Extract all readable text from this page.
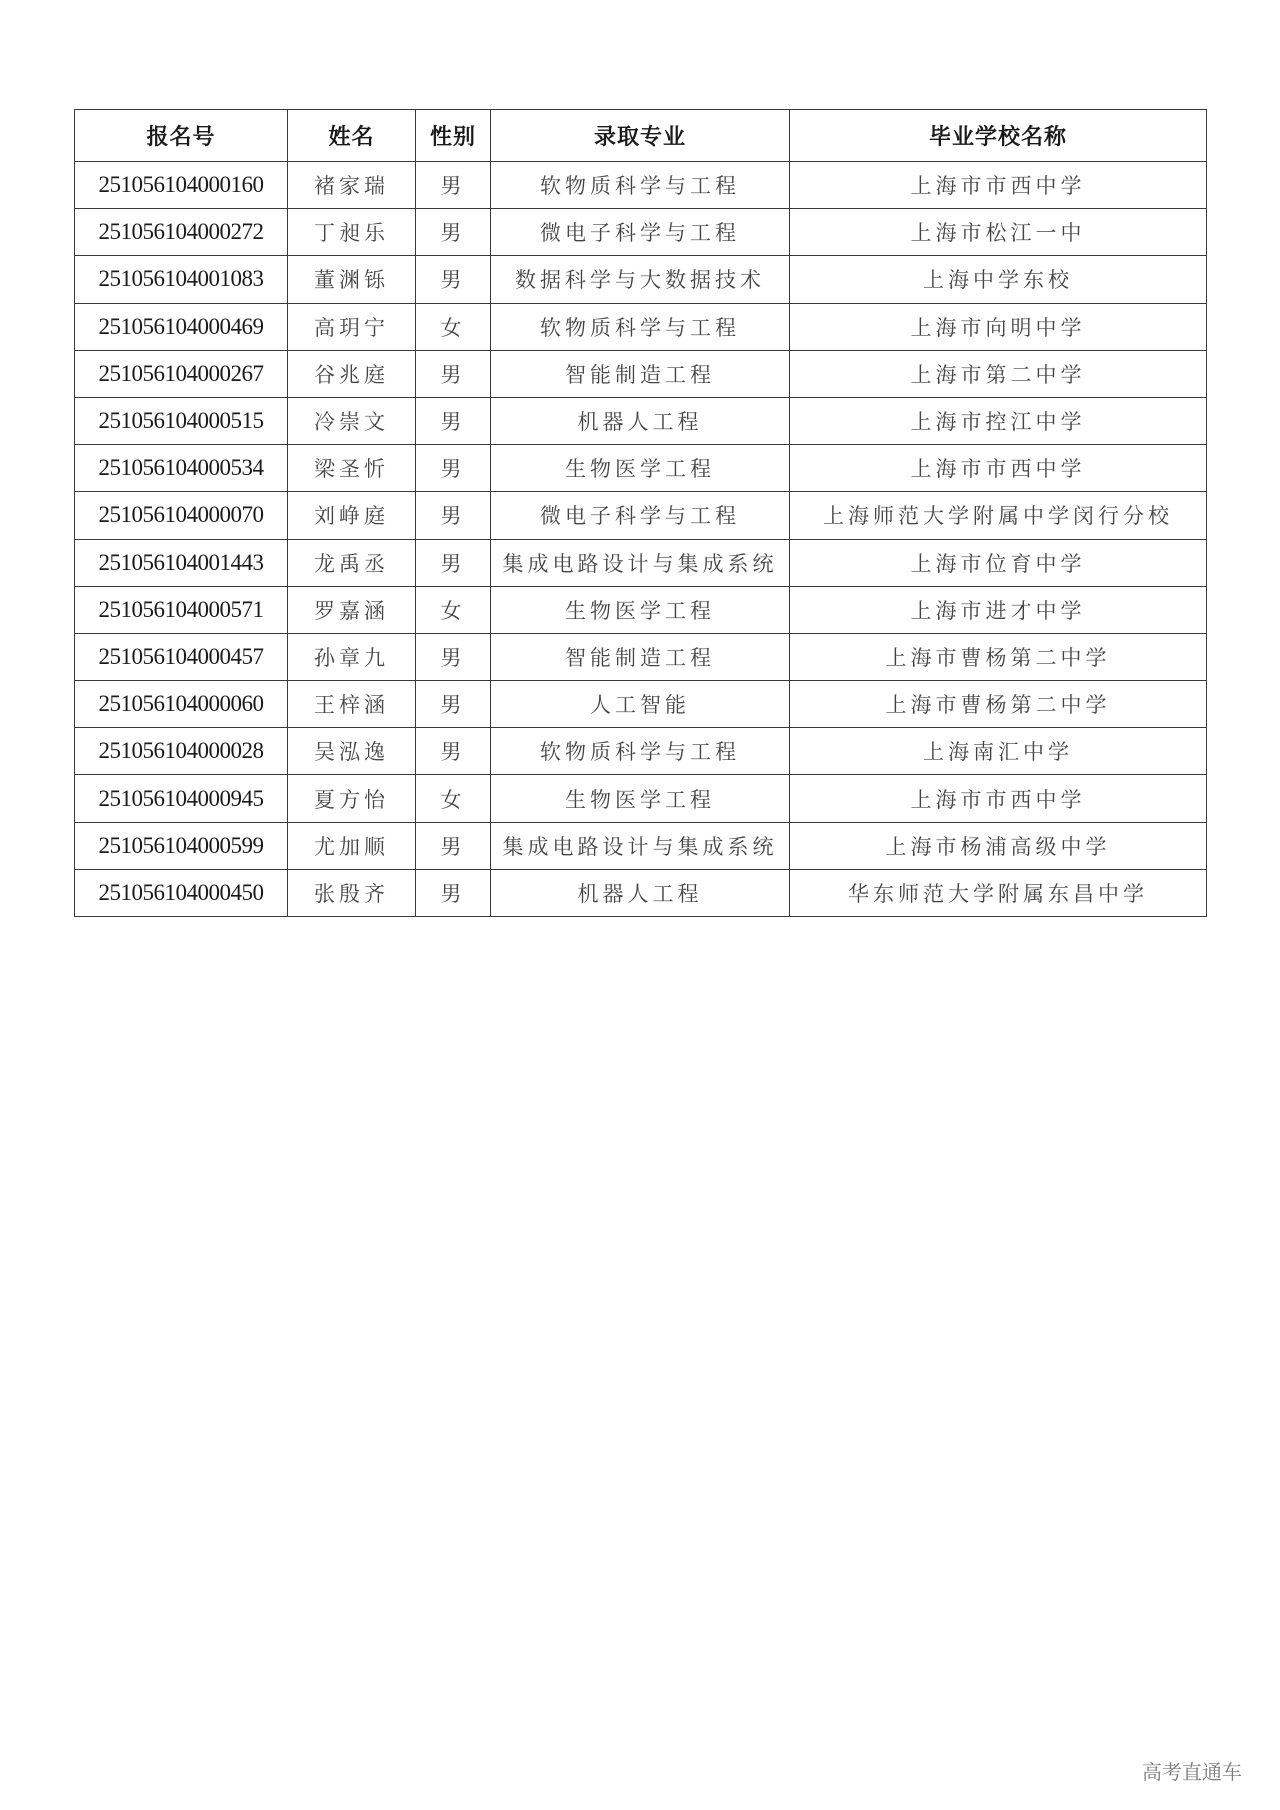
报名号	姓名	性别	录取专业	毕业学校名称
251056104000160	褚家瑞	男	软物质科学与工程	上海市市西中学
251056104000272	丁昶乐	男	微电子科学与工程	上海市松江一中
251056104001083	董渊铄	男	数据科学与大数据技术	上海中学东校
251056104000469	高玥宁	女	软物质科学与工程	上海市向明中学
251056104000267	谷兆庭	男	智能制造工程	上海市第二中学
251056104000515	冷崇文	男	机器人工程	上海市控江中学
251056104000534	梁圣忻	男	生物医学工程	上海市市西中学
251056104000070	刘峥庭	男	微电子科学与工程	上海师范大学附属中学闵行分校
251056104001443	龙禹丞	男	集成电路设计与集成系统	上海市位育中学
251056104000571	罗嘉涵	女	生物医学工程	上海市进才中学
251056104000457	孙章九	男	智能制造工程	上海市曹杨第二中学
251056104000060	王梓涵	男	人工智能	上海市曹杨第二中学
251056104000028	吴泓逸	男	软物质科学与工程	上海南汇中学
251056104000945	夏方怡	女	生物医学工程	上海市市西中学
251056104000599	尤加顺	男	集成电路设计与集成系统	上海市杨浦高级中学
251056104000450	张殷齐	男	机器人工程	华东师范大学附属东昌中学
高考直通车
